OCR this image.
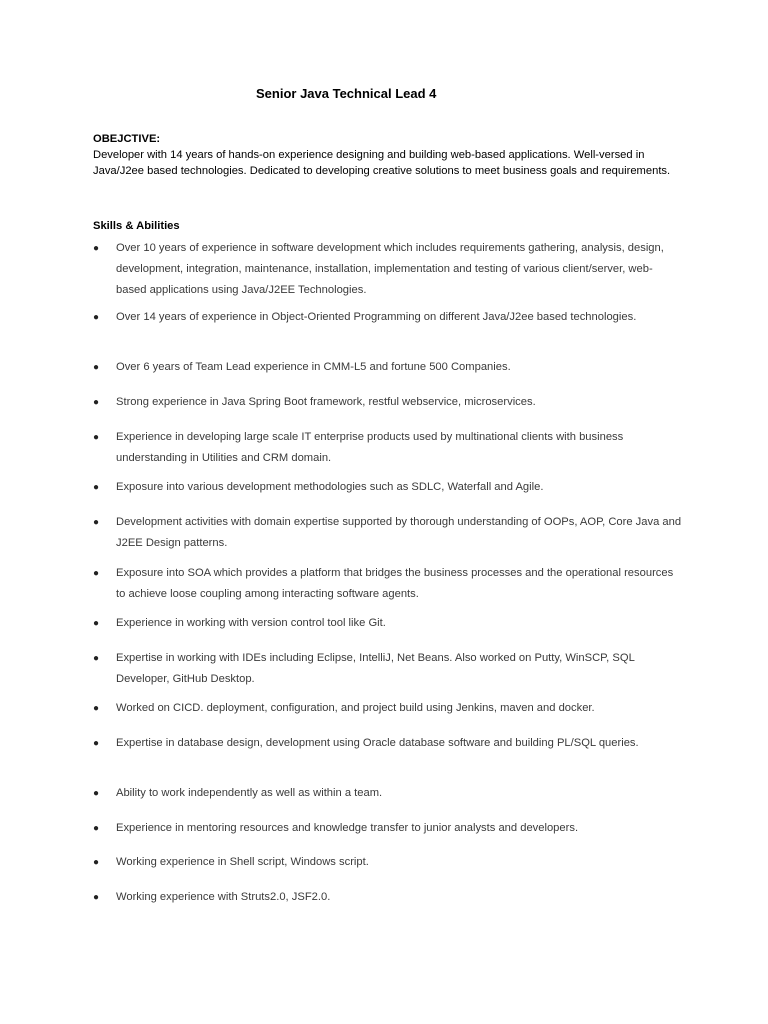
Senior Java Technical Lead 4
OBEJCTIVE:
Developer with 14 years of hands-on experience designing and building web-based applications. Well-versed in Java/J2ee based technologies. Dedicated to developing creative solutions to meet business goals and requirements.
Skills & Abilities
● Over 10 years of experience in software development which includes requirements gathering, analysis, design, development, integration, maintenance, installation, implementation and testing of various client/server, web-based applications using Java/J2EE Technologies.
● Over 14 years of experience in Object-Oriented Programming on different Java/J2ee based technologies.
● Over 6 years of Team Lead experience in CMM-L5 and fortune 500 Companies.
● Strong experience in Java Spring Boot framework, restful webservice, microservices.
● Experience in developing large scale IT enterprise products used by multinational clients with business understanding in Utilities and CRM domain.
● Exposure into various development methodologies such as SDLC, Waterfall and Agile.
● Development activities with domain expertise supported by thorough understanding of OOPs, AOP, Core Java and J2EE Design patterns.
● Exposure into SOA which provides a platform that bridges the business processes and the operational resources to achieve loose coupling among interacting software agents.
● Experience in working with version control tool like Git.
● Expertise in working with IDEs including Eclipse, IntelliJ, Net Beans. Also worked on Putty, WinSCP, SQL Developer, GitHub Desktop.
● Worked on CICD. deployment, configuration, and project build using Jenkins, maven and docker.
● Expertise in database design, development using Oracle database software and building PL/SQL queries.
● Ability to work independently as well as within a team.
● Experience in mentoring resources and knowledge transfer to junior analysts and developers.
● Working experience in Shell script, Windows script.
● Working experience with Struts2.0, JSF2.0.
